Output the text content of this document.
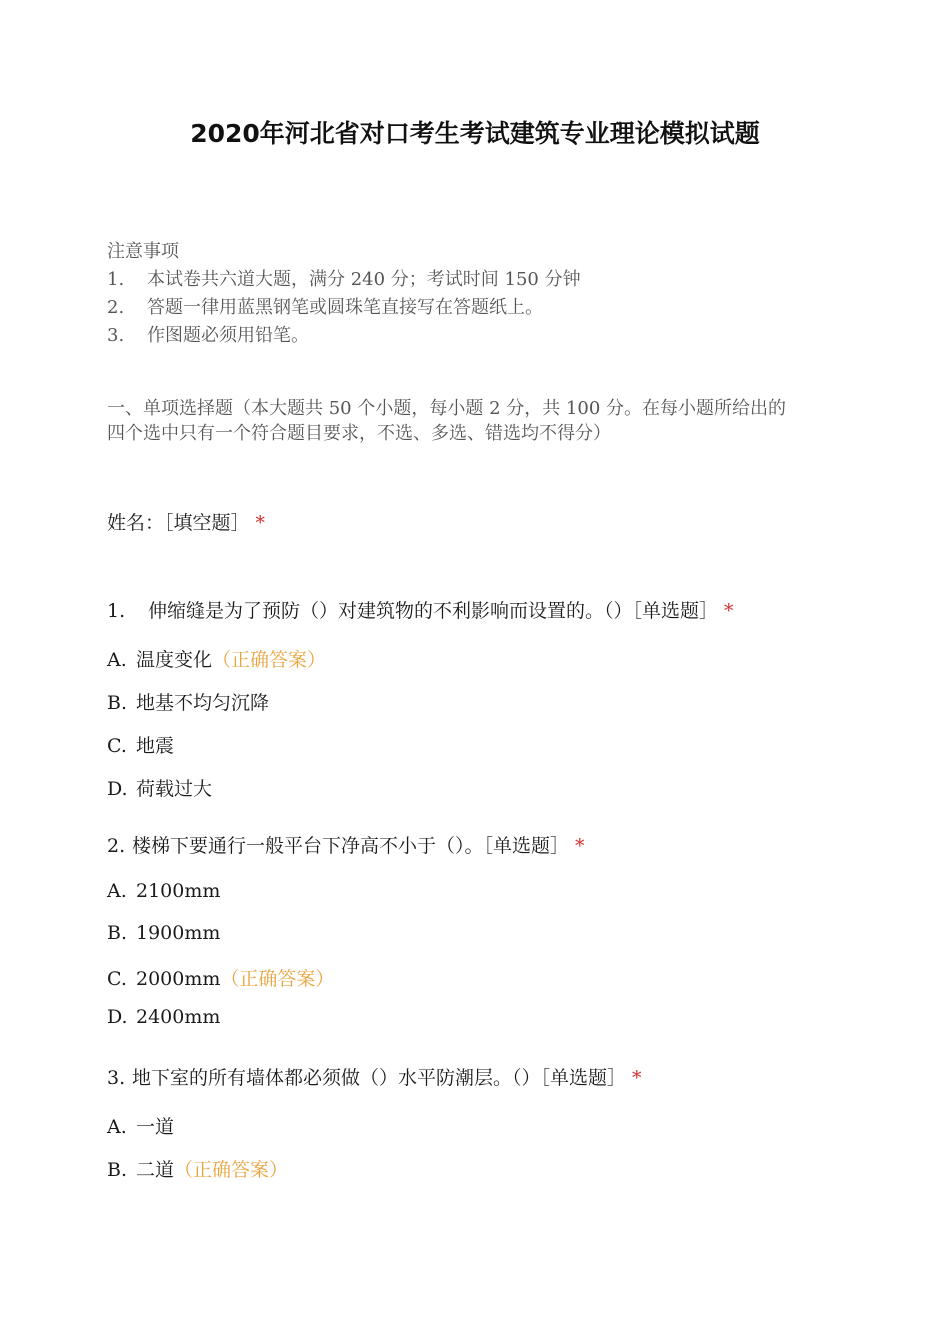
2020年河北省对口考生考试建筑专业理论模拟试题

注意事项

1.	本试卷共六道大题，满分 240 分；考试时间 150 分钟

2.	答题一律用蓝黑钢笔或圆珠笔直接写在答题纸上。

3.	作图题必须用铅笔。

一、单项选择题（本大题共 50 个小题，每小题 2 分，共 100 分。在每小题所给出的
四个选中只有一个符合题目要求，不选、多选、错选均不得分）
姓名：［填空题］ *
1. 伸缩缝是为了预防（）对建筑物的不利影响而设置的。（）［单选题］ *
A. 温度变化（正确答案）
B. 地基不均匀沉降
C. 地震
D. 荷载过大
2. 楼梯下要通行一般平台下净高不小于（）。［单选题］ *
A. 2100mm
B. 1900mm
C. 2000mm（正确答案）
D. 2400mm
3. 地下室的所有墙体都必须做（）水平防潮层。（）［单选题］ *
A. 一道
B. 二道（正确答案）
